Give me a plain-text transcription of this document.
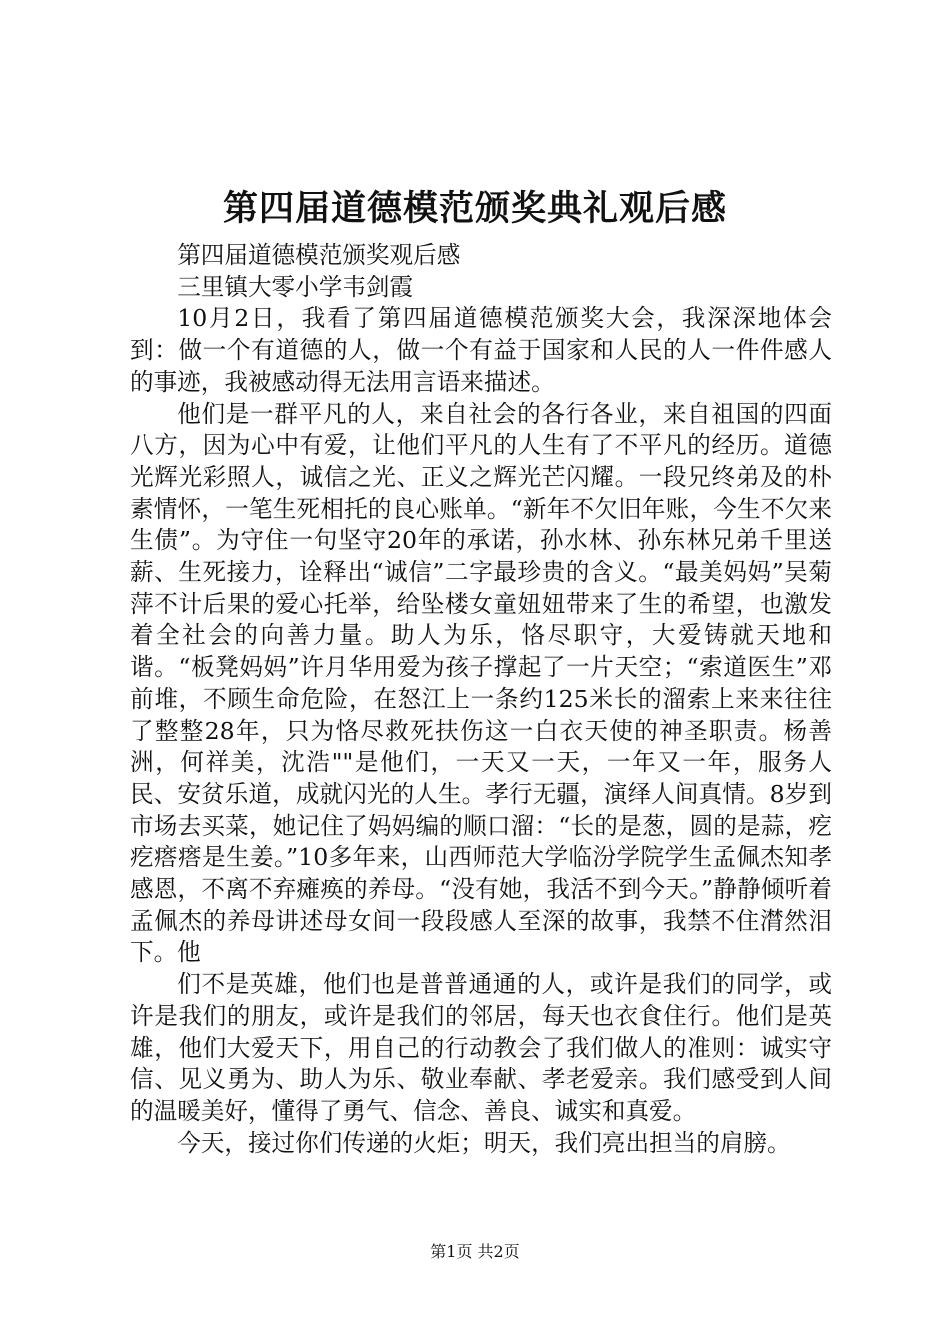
第四届道德模范颁奖典礼观后感

第四届道德模范颁奖观后感

三里镇大零小学韦剑霞

10月2日，我看了第四届道德模范颁奖大会，我深深地体会到：做一个有道德的人，做一个有益于国家和人民的人一件件感人的事迹，我被感动得无法用言语来描述。

他们是一群平凡的人，来自社会的各行各业，来自祖国的四面八方，因为心中有爱，让他们平凡的人生有了不平凡的经历。道德光辉光彩照人，诚信之光、正义之辉光芒闪耀。一段兄终弟及的朴素情怀，一笔生死相托的良心账单。“新年不欠旧年账，今生不欠来生债”。为守住一句坚守20年的承诺，孙水林、孙东林兄弟千里送薪、生死接力，诠释出“诚信”二字最珍贵的含义。“最美妈妈”吴菊萍不计后果的爱心托举，给坠楼女童妞妞带来了生的希望，也激发着全社会的向善力量。助人为乐，恪尽职守，大爱铸就天地和谐。“板凳妈妈”许月华用爱为孩子撑起了一片天空；“索道医生”邓前堆，不顾生命危险，在怒江上一条约125米长的溜索上来来往往了整整28年，只为恪尽救死扶伤这一白衣天使的神圣职责。杨善洲，何祥美，沈浩""是他们，一天又一天，一年又一年，服务人民、安贫乐道，成就闪光的人生。孝行无疆，演绎人间真情。8岁到市场去买菜，她记住了妈妈编的顺口溜：“长的是葱，圆的是蒜，疙疙瘩瘩是生姜。”10多年来，山西师范大学临汾学院学生孟佩杰知孝感恩，不离不弃瘫痪的养母。“没有她，我活不到今天。”静静倾听着孟佩杰的养母讲述母女间一段段感人至深的故事，我禁不住潸然泪下。他

们不是英雄，他们也是普普通通的人，或许是我们的同学，或许是我们的朋友，或许是我们的邻居，每天也衣食住行。他们是英雄，他们大爱天下，用自己的行动教会了我们做人的准则：诚实守信、见义勇为、助人为乐、敬业奉献、孝老爱亲。我们感受到人间的温暖美好，懂得了勇气、信念、善良、诚实和真爱。

今天，接过你们传递的火炬；明天，我们亮出担当的肩膀。

第1页 共2页
